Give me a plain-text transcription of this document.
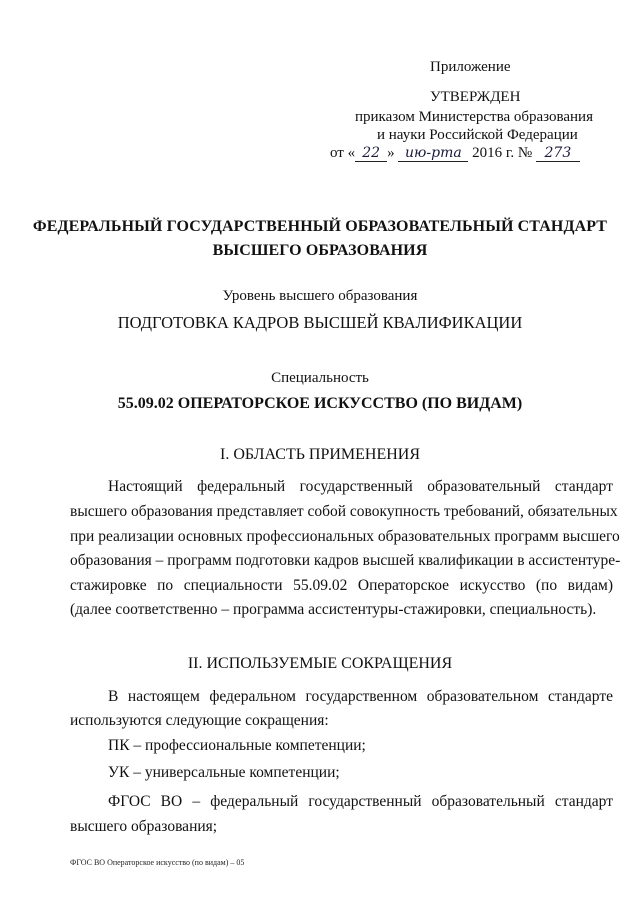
Приложение
УТВЕРЖДЕН
приказом Министерства образования
и науки Российской Федерации
от « 22 » ию-рта 2016 г. № 273
ФЕДЕРАЛЬНЫЙ ГОСУДАРСТВЕННЫЙ ОБРАЗОВАТЕЛЬНЫЙ СТАНДАРТ
ВЫСШЕГО ОБРАЗОВАНИЯ
Уровень высшего образования
ПОДГОТОВКА КАДРОВ ВЫСШЕЙ КВАЛИФИКАЦИИ
Специальность
55.09.02 ОПЕРАТОРСКОЕ ИСКУССТВО (ПО ВИДАМ)
I. ОБЛАСТЬ ПРИМЕНЕНИЯ
Настоящий федеральный государственный образовательный стандарт
высшего образования представляет собой совокупность требований, обязательных
при реализации основных профессиональных образовательных программ высшего
образования – программ подготовки кадров высшей квалификации в ассистентуре-
стажировке по специальности 55.09.02 Операторское искусство (по видам)
(далее соответственно – программа ассистентуры-стажировки, специальность).
II. ИСПОЛЬЗУЕМЫЕ СОКРАЩЕНИЯ
В настоящем федеральном государственном образовательном стандарте
используются следующие сокращения:
ПК – профессиональные компетенции;
УК – универсальные компетенции;
ФГОС ВО – федеральный государственный образовательный стандарт
высшего образования;
ФГОС ВО Операторское искусство (по видам) – 05
